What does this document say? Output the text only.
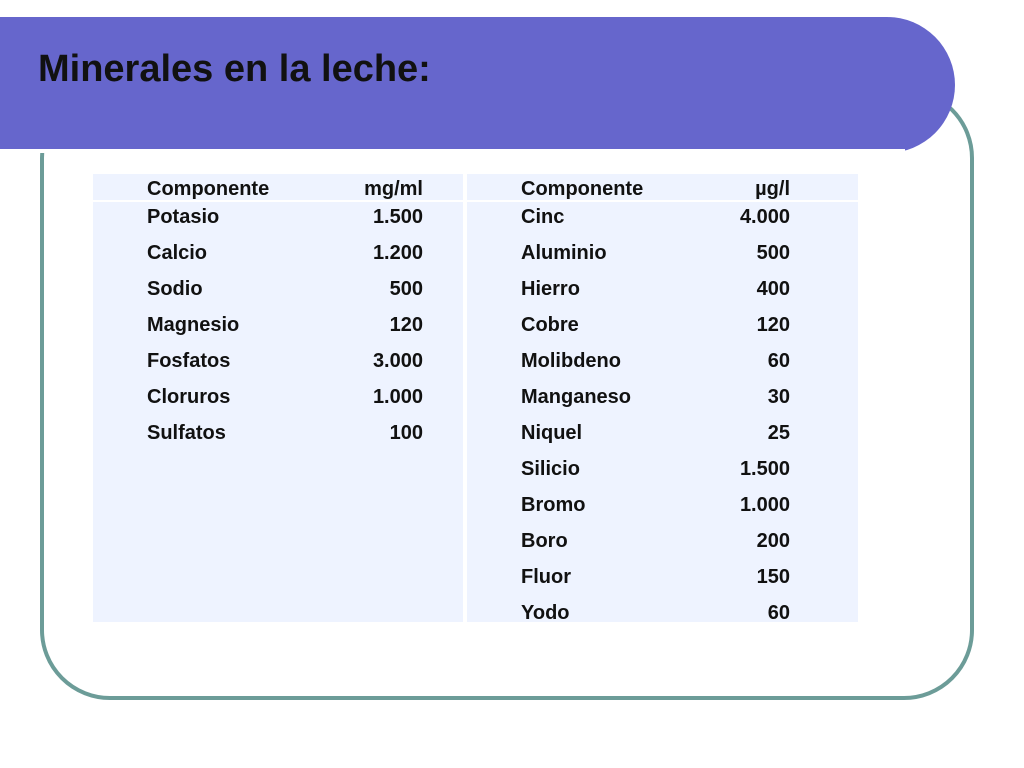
Minerales en la leche:
Componente	mg/ml
Potasio	1.500
Calcio	1.200
Sodio	500
Magnesio	120
Fosfatos	3.000
Cloruros	1.000
Sulfatos	100
Componente	µg/l
Cinc	4.000
Aluminio	500
Hierro	400
Cobre	120
Molibdeno	60
Manganeso	30
Niquel	25
Silicio	1.500
Bromo	1.000
Boro	200
Fluor	150
Yodo	60
